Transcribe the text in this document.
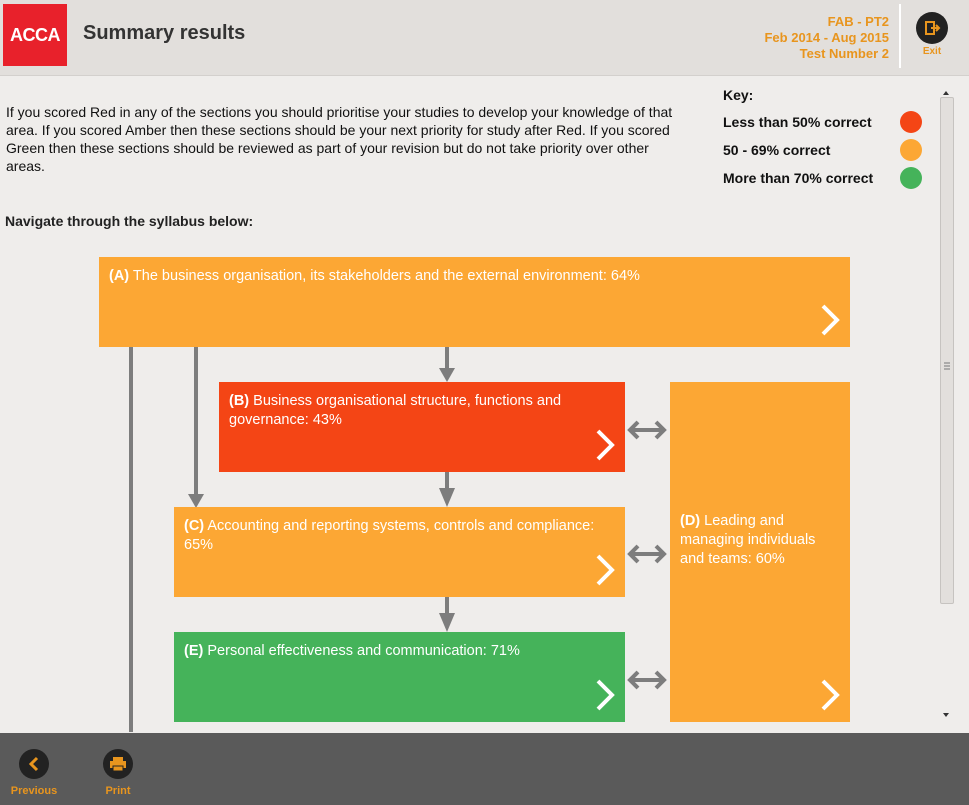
ACCA	Summary results
FAB - PT2
Feb 2014 - Aug 2015
Test Number 2	Exit

If you scored Red in any of the sections you should prioritise your studies to develop your knowledge of that area. If you scored Amber then these sections should be your next priority for study after Red. If you scored Green then these sections should be reviewed as part of your revision but do not take priority over other areas.

Key:
Less than 50% correct
50 - 69% correct
More than 70% correct
Navigate through the syllabus below:
(A) The business organisation, its stakeholders and the external environment: 64%
(B) Business organisational structure, functions and governance: 43%
(C) Accounting and reporting systems, controls and compliance: 65%
(E) Personal effectiveness and communication: 71%
(D) Leading and managing individuals and teams: 60%
Previous	Print
